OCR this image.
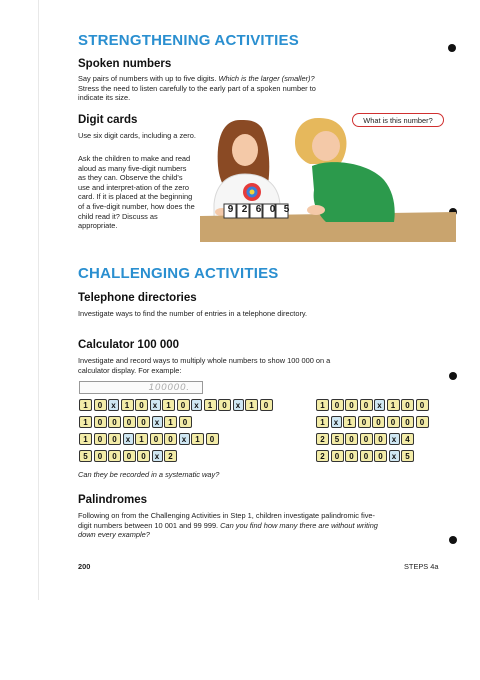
STRENGTHENING ACTIVITIES
Spoken numbers
Say pairs of numbers with up to five digits. Which is the larger (smaller)? Stress the need to listen carefully to the early part of a spoken number to indicate its size.
Digit cards
Use six digit cards, including a zero.
Ask the children to make and read aloud as many five-digit numbers as they can. Observe the child's use and interpret-ation of the zero card. If it is placed at the beginning of a five-digit number, how does the child read it? Discuss as appropriate.
9 2 6 0 5
What is this number?
CHALLENGING ACTIVITIES
Telephone directories
Investigate ways to find the number of entries in a telephone directory.
Calculator 100 000
Investigate and record ways to multiply whole numbers to show 100 000 on a calculator display. For example:
100000.
1	0	x	1	0	x	1	0	x	1	0	x	1	0
1	0	0	0	0	x	1	0
1	0	0	x	1	0	0	x	1	0
5	0	0	0	0	x	2
1	0	0	0	x	1	0	0
1	x	1	0	0	0	0	0
2	5	0	0	0	x	4
2	0	0	0	0	x	5
Can they be recorded in a systematic way?
Palindromes
Following on from the Challenging Activities in Step 1, children investigate palindromic five-digit numbers between 10 001 and 99 999. Can you find how many there are without writing down every example?
200	STEPS 4a
